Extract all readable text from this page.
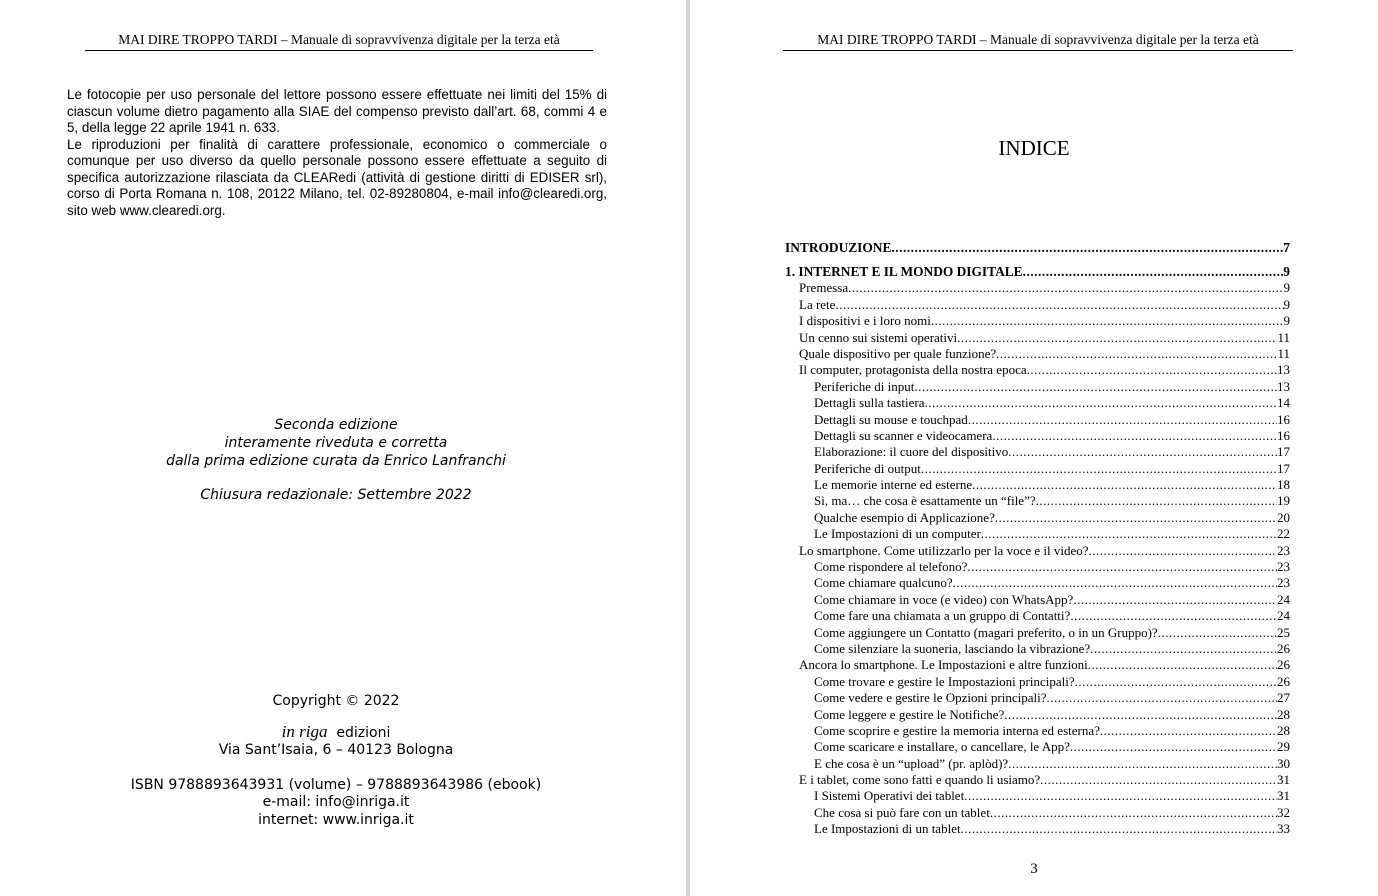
MAI DIRE TROPPO TARDI – Manuale di sopravvivenza digitale per la terza età

Le fotocopie per uso personale del lettore possono essere effettuate nei limiti del 15% di ciascun volume dietro pagamento alla SIAE del compenso previsto dall’art. 68, commi 4 e 5, della legge 22 aprile 1941 n. 633.

Le riproduzioni per finalità di carattere professionale, economico o commerciale o comunque per uso diverso da quello personale possono essere effettuate a seguito di specifica autorizzazione rilasciata da CLEARedi (attività di gestione diritti di EDISER srl), corso di Porta Romana n. 108, 20122 Milano, tel. 02-89280804, e-mail info@clearedi.org, sito web www.clearedi.org.

Seconda edizione
interamente riveduta e corretta
dalla prima edizione curata da Enrico Lanfranchi
Chiusura redazionale: Settembre 2022
Copyright © 2022
in riga edizioni
Via Sant’Isaia, 6 – 40123 Bologna
ISBN 9788893643931 (volume) – 9788893643986 (ebook)
e-mail: info@inriga.it
internet: www.inriga.it
MAI DIRE TROPPO TARDI – Manuale di sopravvivenza digitale per la terza età
INDICE
INTRODUZIONE .....	7
1. INTERNET E IL MONDO DIGITALE .....	9
Premessa .....	9
La rete .....	9
I dispositivi e i loro nomi .....	9
Un cenno sui sistemi operativi .....	11
Quale dispositivo per quale funzione? .....	11
Il computer, protagonista della nostra epoca .....	13
Periferiche di input .....	13
Dettagli sulla tastiera .....	14
Dettagli su mouse e touchpad .....	16
Dettagli su scanner e videocamera .....	16
Elaborazione: il cuore del dispositivo .....	17
Periferiche di output .....	17
Le memorie interne ed esterne .....	18
Sì, ma… che cosa è esattamente un “file”? .....	19
Qualche esempio di Applicazione? .....	20
Le Impostazioni di un computer .....	22
Lo smartphone. Come utilizzarlo per la voce e il video? .....	23
Come rispondere al telefono? .....	23
Come chiamare qualcuno? .....	23
Come chiamare in voce (e video) con WhatsApp? .....	24
Come fare una chiamata a un gruppo di Contatti? .....	24
Come aggiungere un Contatto (magari preferito, o in un Gruppo)? .....	25
Come silenziare la suoneria, lasciando la vibrazione? .....	26
Ancora lo smartphone. Le Impostazioni e altre funzioni .....	26
Come trovare e gestire le Impostazioni principali? .....	26
Come vedere e gestire le Opzioni principali? .....	27
Come leggere e gestire le Notifiche? .....	28
Come scoprire e gestire la memoria interna ed esterna? .....	28
Come scaricare e installare, o cancellare, le App? .....	29
E che cosa è un “upload” (pr. aplòd)? .....	30
E i tablet, come sono fatti e quando li usiamo? .....	31
I Sistemi Operativi dei tablet .....	31
Che cosa si può fare con un tablet .....	32
Le Impostazioni di un tablet .....	33
3
